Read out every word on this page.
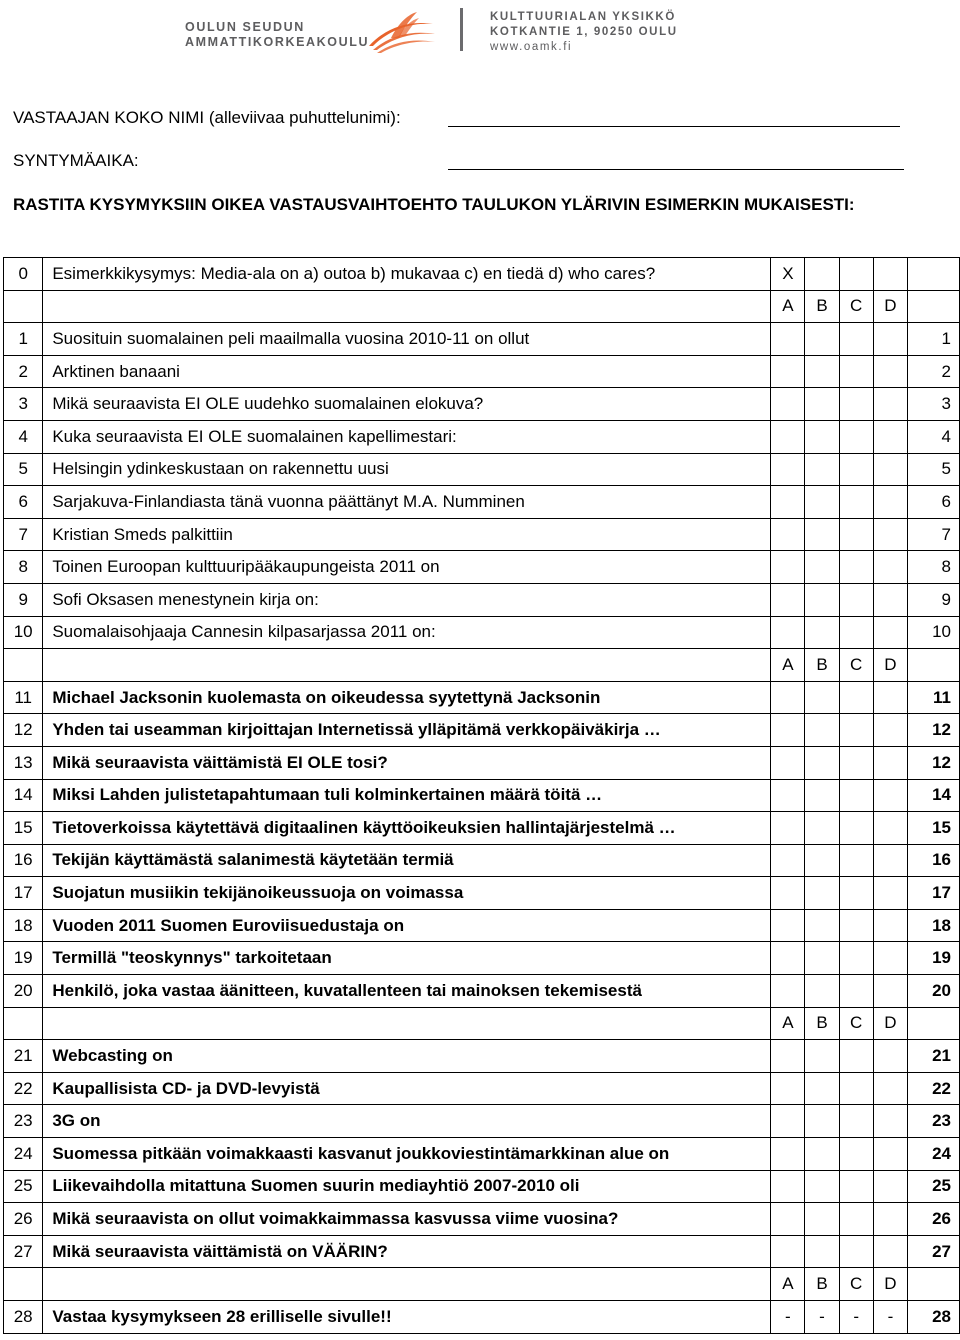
OULUN SEUDUN
AMMATTIKORKEAKOULU
KULTTUURIALAN YKSIKKÖ
KOTKANTIE 1, 90250 OULU
www.oamk.fi
VASTAAJAN KOKO NIMI (alleviivaa puhuttelunimi):
SYNTYMÄAIKA:
RASTITA KYSYMYKSIIN OIKEA VASTAUSVAIHTOEHTO TAULUKON YLÄRIVIN ESIMERKIN MUKAISESTI:
0	Esimerkkikysymys: Media-ala on a) outoa b) mukavaa c) en tiedä d) who cares?	X				
		A	B	C	D	
1	Suosituin suomalainen peli maailmalla vuosina 2010-11 on ollut					1
2	Arktinen banaani					2
3	Mikä seuraavista EI OLE uudehko suomalainen elokuva?					3
4	Kuka seuraavista EI OLE suomalainen kapellimestari:					4
5	Helsingin ydinkeskustaan on rakennettu uusi					5
6	Sarjakuva-Finlandiasta tänä vuonna päättänyt M.A. Numminen					6
7	Kristian Smeds palkittiin					7
8	Toinen Euroopan kulttuuripääkaupungeista 2011 on					8
9	Sofi Oksasen menestynein kirja on:					9
10	Suomalaisohjaaja Cannesin kilpasarjassa 2011 on:					10
		A	B	C	D	
11	Michael Jacksonin kuolemasta on oikeudessa syytettynä Jacksonin					11
12	Yhden tai useamman kirjoittajan Internetissä ylläpitämä verkkopäiväkirja …					12
13	Mikä seuraavista väittämistä EI OLE tosi?					12
14	Miksi Lahden julistetapahtumaan tuli kolminkertainen määrä töitä …					14
15	Tietoverkoissa käytettävä digitaalinen käyttöoikeuksien hallintajärjestelmä …					15
16	Tekijän käyttämästä salanimestä käytetään termiä					16
17	Suojatun musiikin tekijänoikeussuoja on voimassa					17
18	Vuoden 2011 Suomen Euroviisuedustaja on					18
19	Termillä "teoskynnys" tarkoitetaan					19
20	Henkilö, joka vastaa äänitteen, kuvatallenteen tai mainoksen tekemisestä					20
		A	B	C	D	
21	Webcasting on					21
22	Kaupallisista CD- ja DVD-levyistä					22
23	3G on					23
24	Suomessa pitkään voimakkaasti kasvanut joukkoviestintämarkkinan alue on					24
25	Liikevaihdolla mitattuna Suomen suurin mediayhtiö 2007-2010 oli					25
26	Mikä seuraavista on ollut voimakkaimmassa kasvussa viime vuosina?					26
27	Mikä seuraavista väittämistä on VÄÄRIN?					27
		A	B	C	D	
28	Vastaa kysymykseen 28 erilliselle sivulle!!	-	-	-	-	28
